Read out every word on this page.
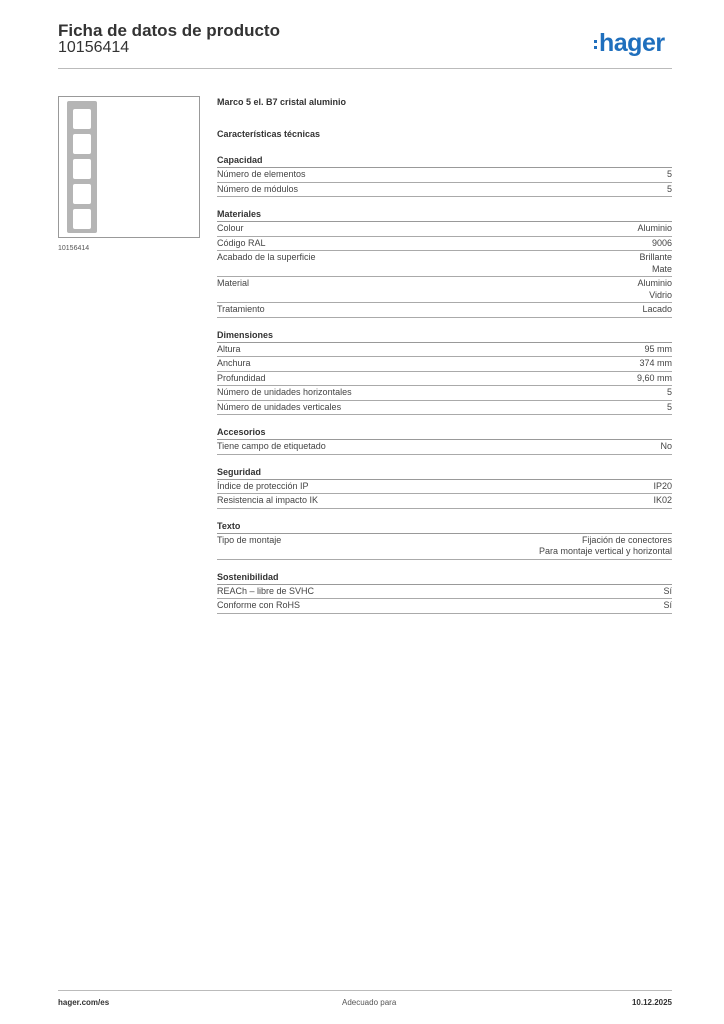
Ficha de datos de producto
10156414	hager
10156414
Marco 5 el. B7 cristal aluminio
Características técnicas
Capacidad
Número de elementos	5
Número de módulos	5
Materiales
Colour	Aluminio
Código RAL	9006
Acabado de la superficie	Brillante
Mate
Material	Aluminio
Vidrio
Tratamiento	Lacado
Dimensiones
Altura	95 mm
Anchura	374 mm
Profundidad	9,60 mm
Número de unidades horizontales	5
Número de unidades verticales	5
Accesorios
Tiene campo de etiquetado	No
Seguridad
Índice de protección IP	IP20
Resistencia al impacto IK	IK02
Texto
Tipo de montaje	Fijación de conectores
Para montaje vertical y horizontal
Sostenibilidad
REACh – libre de SVHC	Sí
Conforme con RoHS	Sí
hager.com/es	Adecuado para	10.12.2025
